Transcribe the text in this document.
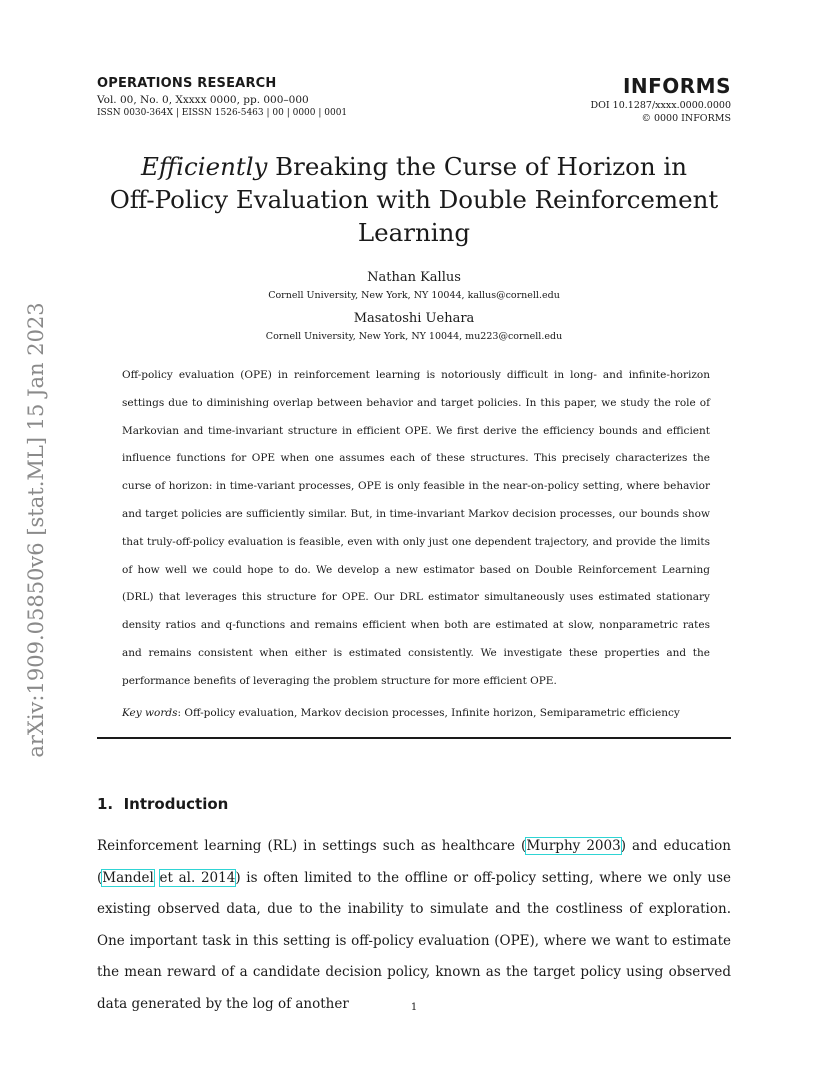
OPERATIONS RESEARCH
Vol. 00, No. 0, Xxxxx 0000, pp. 000–000
ISSN 0030-364X | EISSN 1526-5463 | 00 | 0000 | 0001
INFORMS
DOI 10.1287/xxxx.0000.0000
© 0000 INFORMS
Efficiently Breaking the Curse of Horizon in
Off-Policy Evaluation with Double Reinforcement
Learning
Nathan Kallus
Cornell University, New York, NY 10044, kallus@cornell.edu
Masatoshi Uehara
Cornell University, New York, NY 10044, mu223@cornell.edu
Off-policy evaluation (OPE) in reinforcement learning is notoriously difficult in long- and infinite-horizon settings due to diminishing overlap between behavior and target policies. In this paper, we study the role of Markovian and time-invariant structure in efficient OPE. We first derive the efficiency bounds and efficient influence functions for OPE when one assumes each of these structures. This precisely characterizes the curse of horizon: in time-variant processes, OPE is only feasible in the near-on-policy setting, where behavior and target policies are sufficiently similar. But, in time-invariant Markov decision processes, our bounds show that truly-off-policy evaluation is feasible, even with only just one dependent trajectory, and provide the limits of how well we could hope to do. We develop a new estimator based on Double Reinforcement Learning (DRL) that leverages this structure for OPE. Our DRL estimator simultaneously uses estimated stationary density ratios and q-functions and remains efficient when both are estimated at slow, nonparametric rates and remains consistent when either is estimated consistently. We investigate these properties and the performance benefits of leveraging the problem structure for more efficient OPE.
Key words: Off-policy evaluation, Markov decision processes, Infinite horizon, Semiparametric efficiency
1. Introduction
Reinforcement learning (RL) in settings such as healthcare (Murphy 2003) and education (Mandel et al. 2014) is often limited to the offline or off-policy setting, where we only use existing observed data, due to the inability to simulate and the costliness of exploration. One important task in this setting is off-policy evaluation (OPE), where we want to estimate the mean reward of a candidate decision policy, known as the target policy using observed data generated by the log of another	1
arXiv:1909.05850v6 [stat.ML] 15 Jan 2023
